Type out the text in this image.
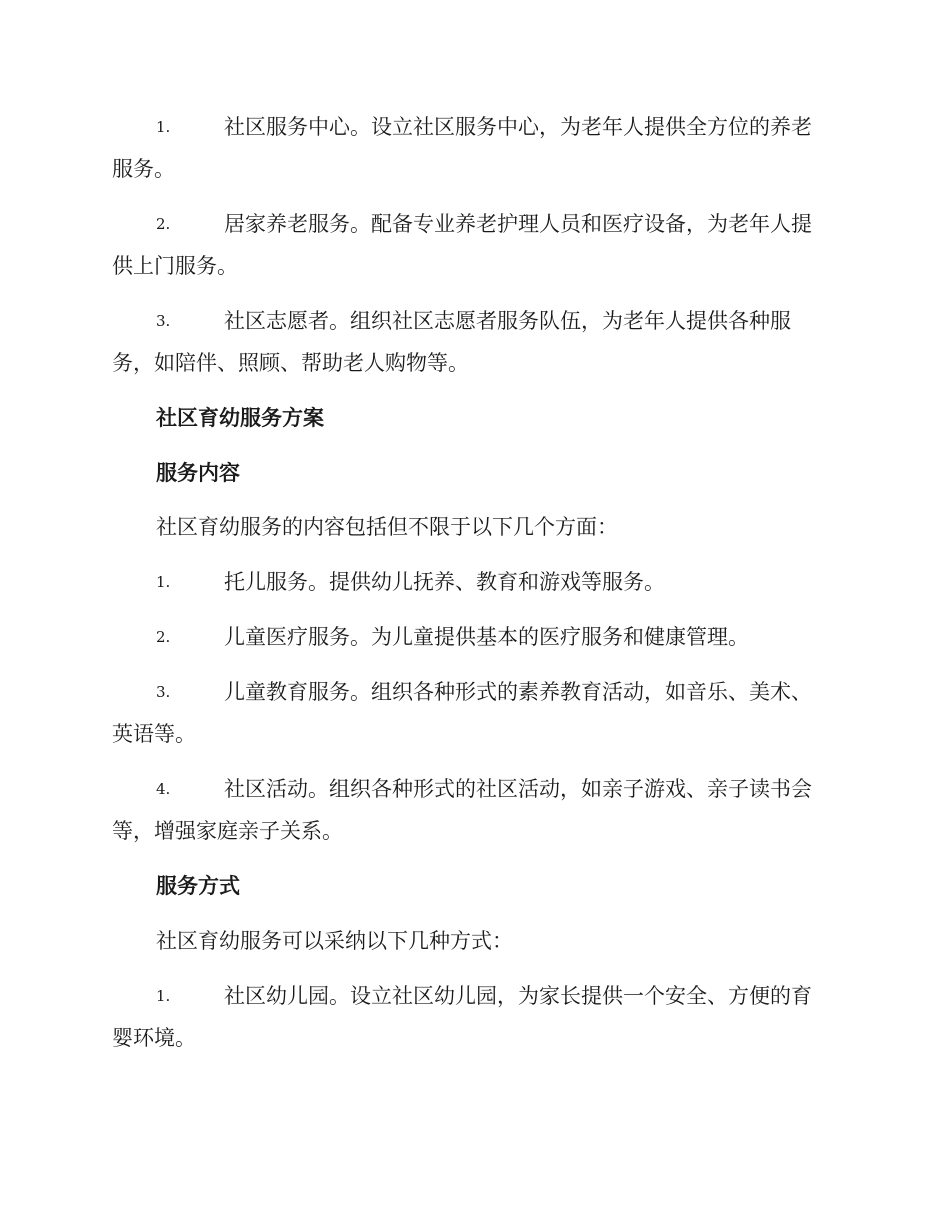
1.	社区服务中心。设立社区服务中心，为老年人提供全方位的养老
服务。
2.	居家养老服务。配备专业养老护理人员和医疗设备，为老年人提
供上门服务。
3.	社区志愿者。组织社区志愿者服务队伍，为老年人提供各种服
务，如陪伴、照顾、帮助老人购物等。
社区育幼服务方案
服务内容
社区育幼服务的内容包括但不限于以下几个方面：
1.	托儿服务。提供幼儿抚养、教育和游戏等服务。
2.	儿童医疗服务。为儿童提供基本的医疗服务和健康管理。
3.	儿童教育服务。组织各种形式的素养教育活动，如音乐、美术、
英语等。
4.	社区活动。组织各种形式的社区活动，如亲子游戏、亲子读书会
等，增强家庭亲子关系。
服务方式
社区育幼服务可以采纳以下几种方式：
1.	社区幼儿园。设立社区幼儿园，为家长提供一个安全、方便的育
婴环境。
